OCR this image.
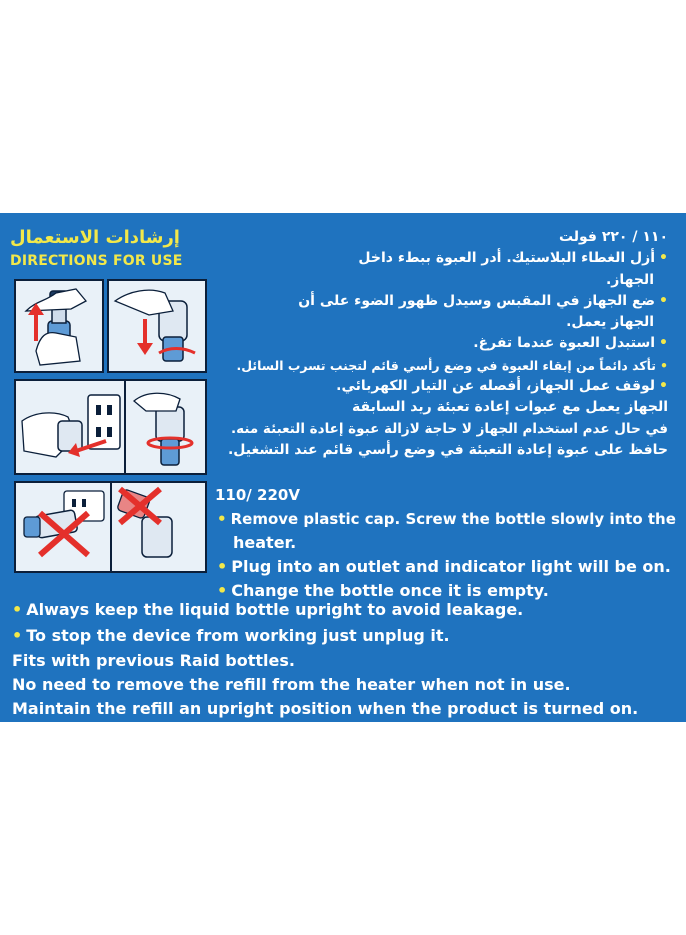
إرشادات الاستعمال
DIRECTIONS FOR USE
١١٠ / ٢٢٠ فولت
•أزل الغطاء البلاستيك. أدر العبوة ببطء داخل
الجهاز.
•ضع الجهاز في المقبس وسيدل ظهور الضوء على أن
الجهاز يعمل.
•استبدل العبوة عندما تفرغ.
•تأكد دائماً من إبقاء العبوة في وضع رأسي قائم لتجنب تسرب السائل.
•لوقف عمل الجهاز، أفصله عن التيار الكهربائي.
الجهاز يعمل مع عبوات إعادة تعبئة ريد السابقة
في حال عدم استخدام الجهاز لا حاجة لازالة عبوة إعادة التعبئة منه.
حافظ على عبوة إعادة التعبئة في وضع رأسي قائم عند التشغيل.
110/ 220V
• Remove plastic cap. Screw the bottle slowly into the
heater.
• Plug into an outlet and indicator light will be on.
• Change the bottle once it is empty.
• Always keep the liquid bottle upright to avoid leakage.
• To stop the device from working just unplug it.
Fits with previous Raid bottles.
No need to remove the refill from the heater when not in use.
Maintain the refill an upright position when the product is turned on.
